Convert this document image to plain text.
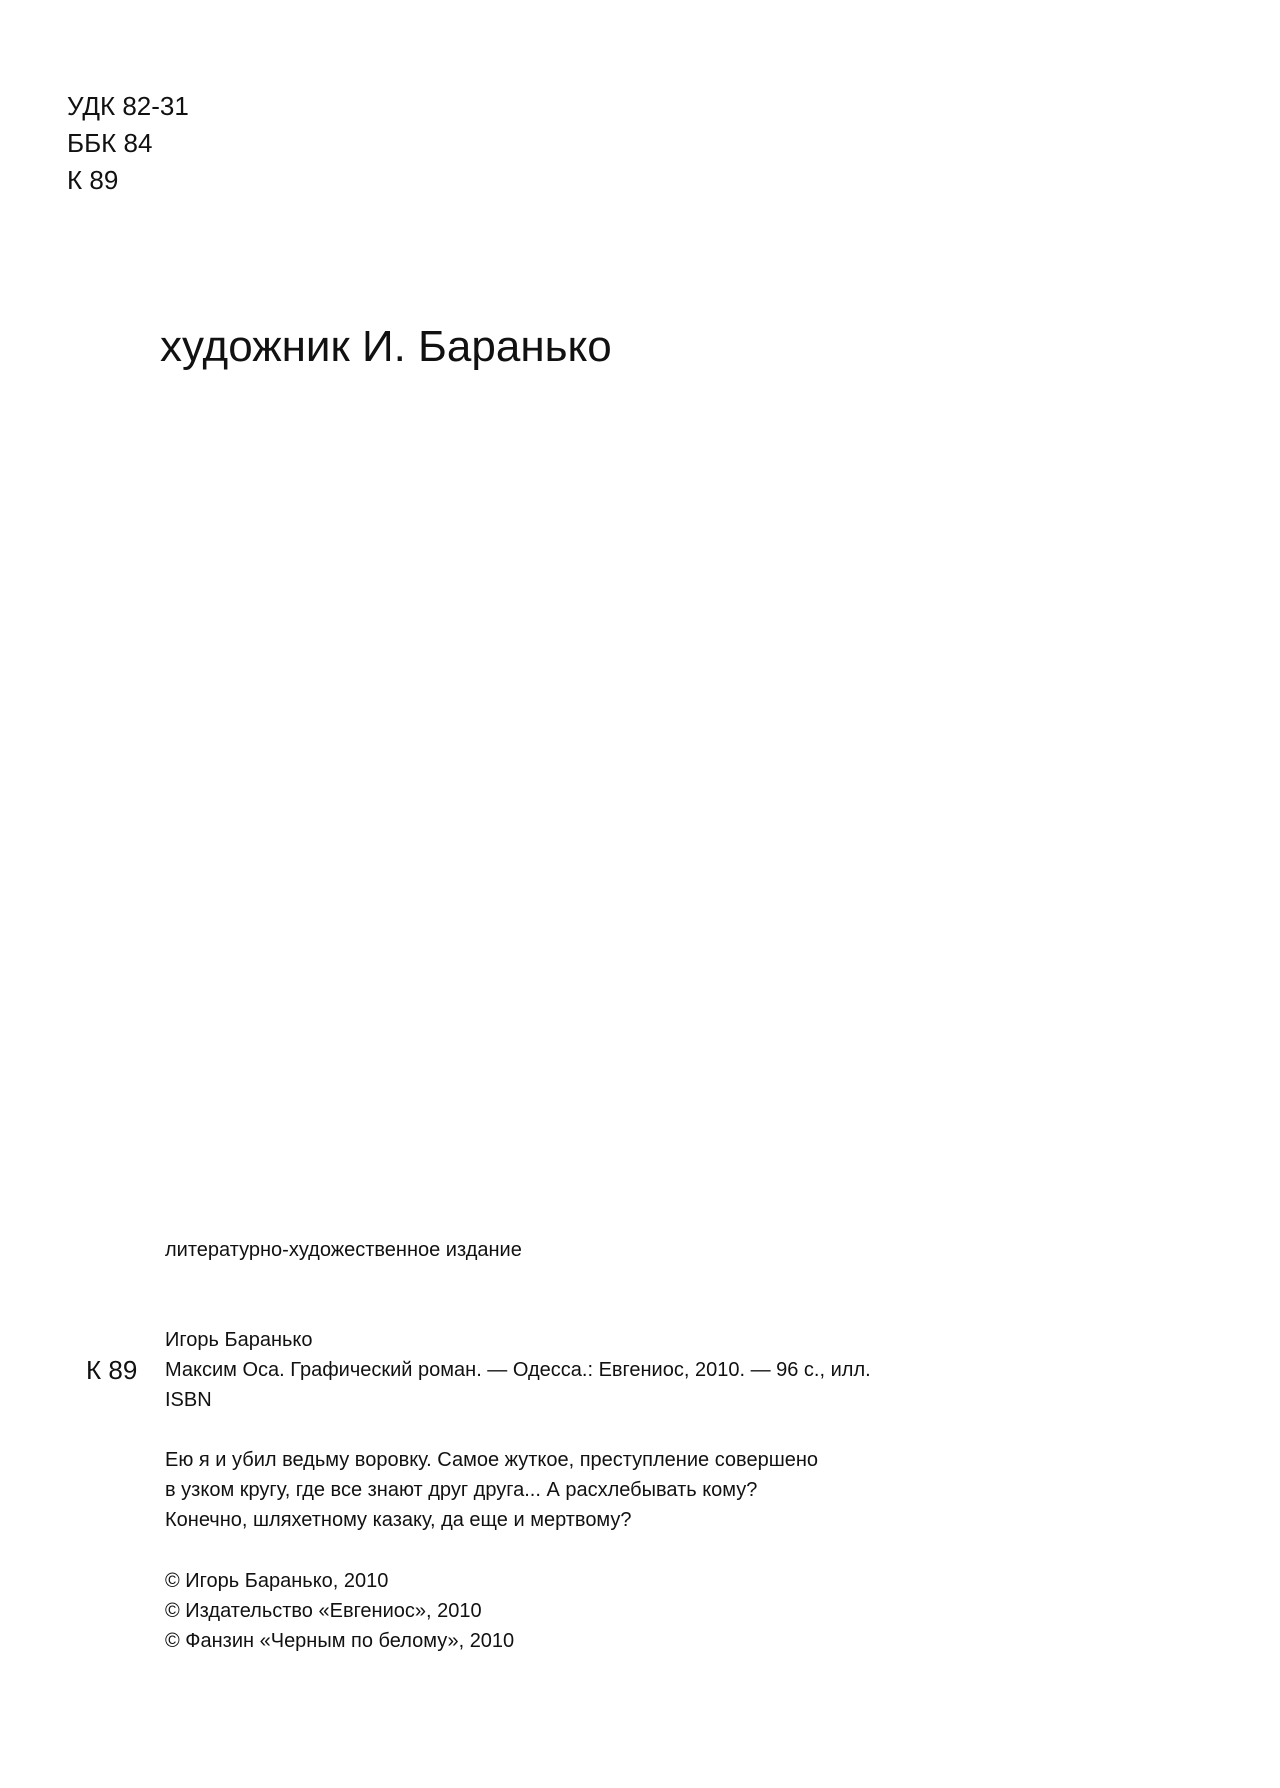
УДК 82-31
ББК 84
К 89
художник И. Баранько
литературно-художественное издание
К 89
Игорь Баранько
Максим Оса. Графический роман. — Одесса.: Евгениос, 2010. — 96 с., илл.
ISBN
Ею я и убил ведьму воровку. Самое жуткое, преступление совершено
в узком кругу, где все знают друг друга... А расхлебывать кому?
Конечно, шляхетному казаку, да еще и мертвому?
© Игорь Баранько, 2010
© Издательство «Евгениос», 2010
© Фанзин «Черным по белому», 2010
